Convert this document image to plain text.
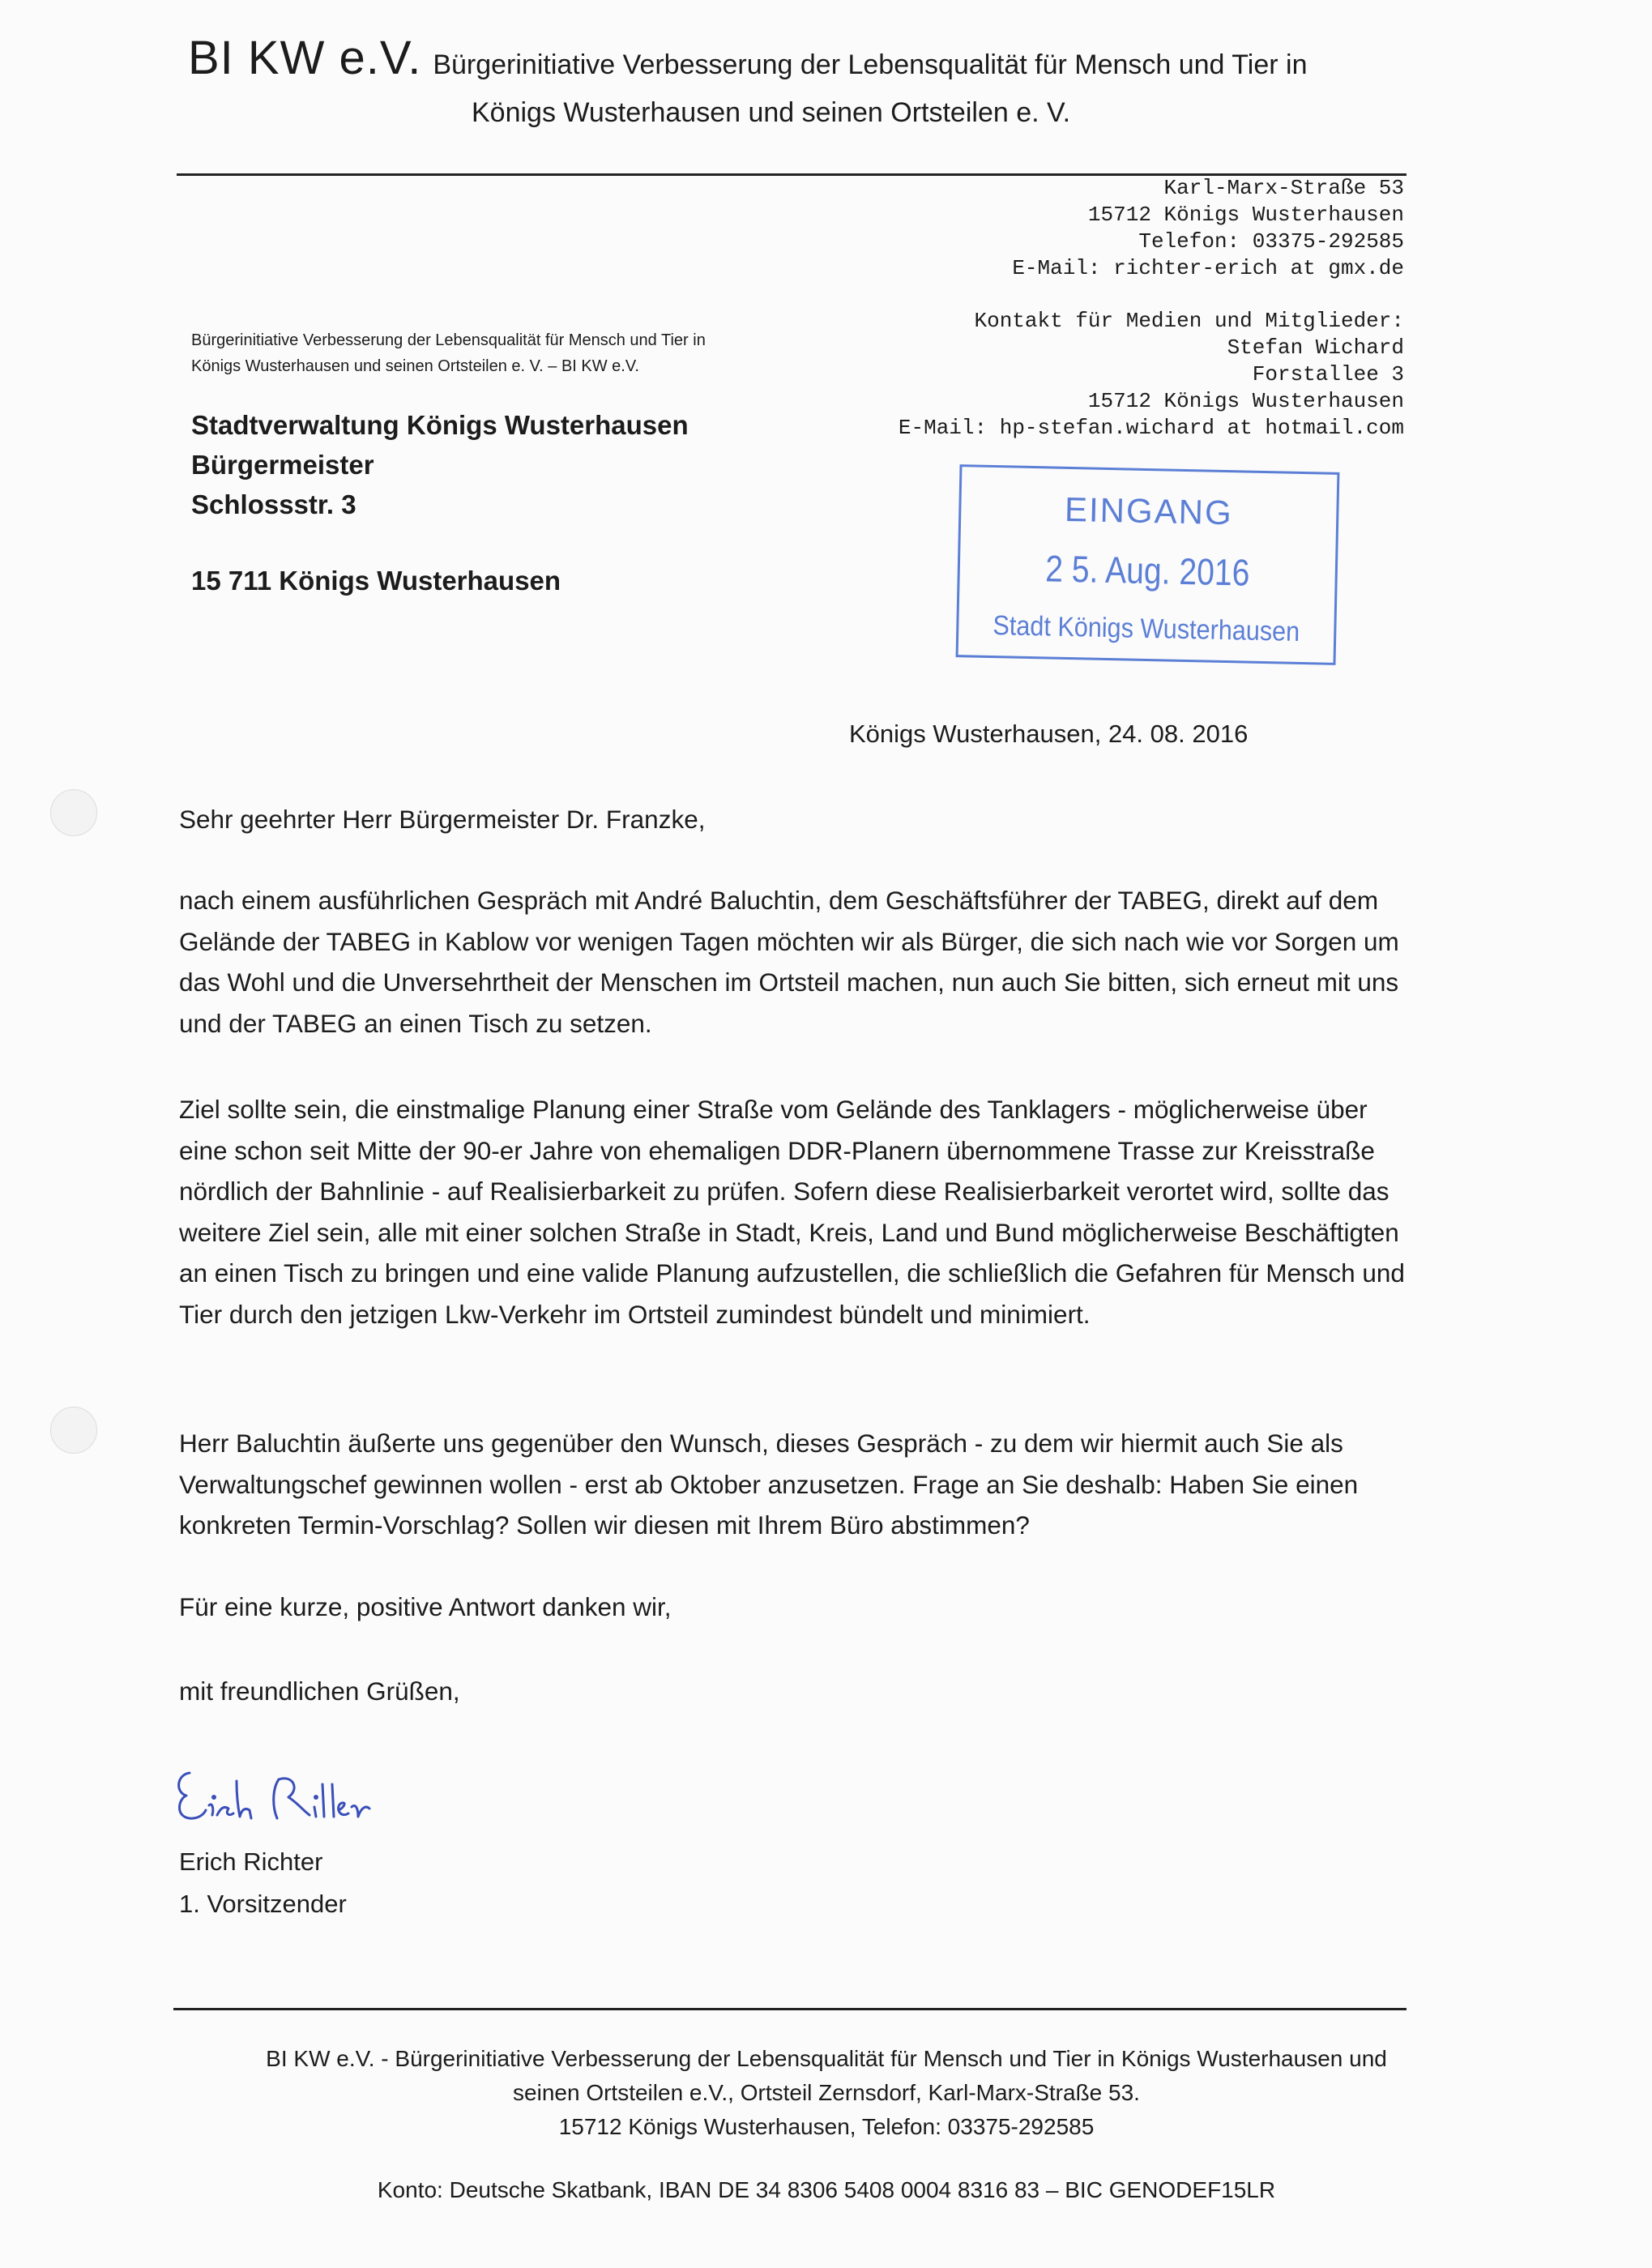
BI KW e.V. Bürgerinitiative Verbesserung der Lebensqualität für Mensch und Tier in
Königs Wusterhausen und seinen Ortsteilen e. V.
Karl-Marx-Straße 53
15712 Königs Wusterhausen
Telefon: 03375-292585
E-Mail: richter-erich at gmx.de
Kontakt für Medien und Mitglieder:
Stefan Wichard
Forstallee 3
15712 Königs Wusterhausen
E-Mail: hp-stefan.wichard at hotmail.com
Bürgerinitiative Verbesserung der Lebensqualität für Mensch und Tier in
Königs Wusterhausen und seinen Ortsteilen e. V. – BI KW e.V.
Stadtverwaltung Königs Wusterhausen
Bürgermeister
Schlossstr. 3
15 711 Königs Wusterhausen
EINGANG
2 5. Aug. 2016
Stadt Königs Wusterhausen
Königs Wusterhausen, 24. 08. 2016
Sehr geehrter Herr Bürgermeister Dr. Franzke,
nach einem ausführlichen Gespräch mit André Baluchtin, dem Geschäftsführer der TABEG, direkt auf dem Gelände der TABEG in Kablow vor wenigen Tagen möchten wir als Bürger, die sich nach wie vor Sorgen um das Wohl und die Unversehrtheit der Menschen im Ortsteil machen, nun auch Sie bitten, sich erneut mit uns und der TABEG an einen Tisch zu setzen.
Ziel sollte sein, die einstmalige Planung einer Straße vom Gelände des Tanklagers - möglicherweise über eine schon seit Mitte der 90-er Jahre von ehemaligen DDR-Planern übernommene Trasse zur Kreisstraße nördlich der Bahnlinie - auf Realisierbarkeit zu prüfen. Sofern diese Realisierbarkeit verortet wird, sollte das weitere Ziel sein, alle mit einer solchen Straße in Stadt, Kreis, Land und Bund möglicherweise Beschäftigten an einen Tisch zu bringen und eine valide Planung aufzustellen, die schließlich die Gefahren für Mensch und Tier durch den jetzigen Lkw-Verkehr im Ortsteil zumindest bündelt und minimiert.
Herr Baluchtin äußerte uns gegenüber den Wunsch, dieses Gespräch - zu dem wir hiermit auch Sie als Verwaltungschef gewinnen wollen - erst ab Oktober anzusetzen. Frage an Sie deshalb: Haben Sie einen konkreten Termin-Vorschlag? Sollen wir diesen mit Ihrem Büro abstimmen?
Für eine kurze, positive Antwort danken wir,
mit freundlichen Grüßen,
Erich Richter
1. Vorsitzender
BI KW e.V. - Bürgerinitiative Verbesserung der Lebensqualität für Mensch und Tier in Königs Wusterhausen und
seinen Ortsteilen e.V., Ortsteil Zernsdorf, Karl-Marx-Straße 53.
15712 Königs Wusterhausen, Telefon: 03375-292585
Konto: Deutsche Skatbank, IBAN DE 34 8306 5408 0004 8316 83 – BIC GENODEF15LR
